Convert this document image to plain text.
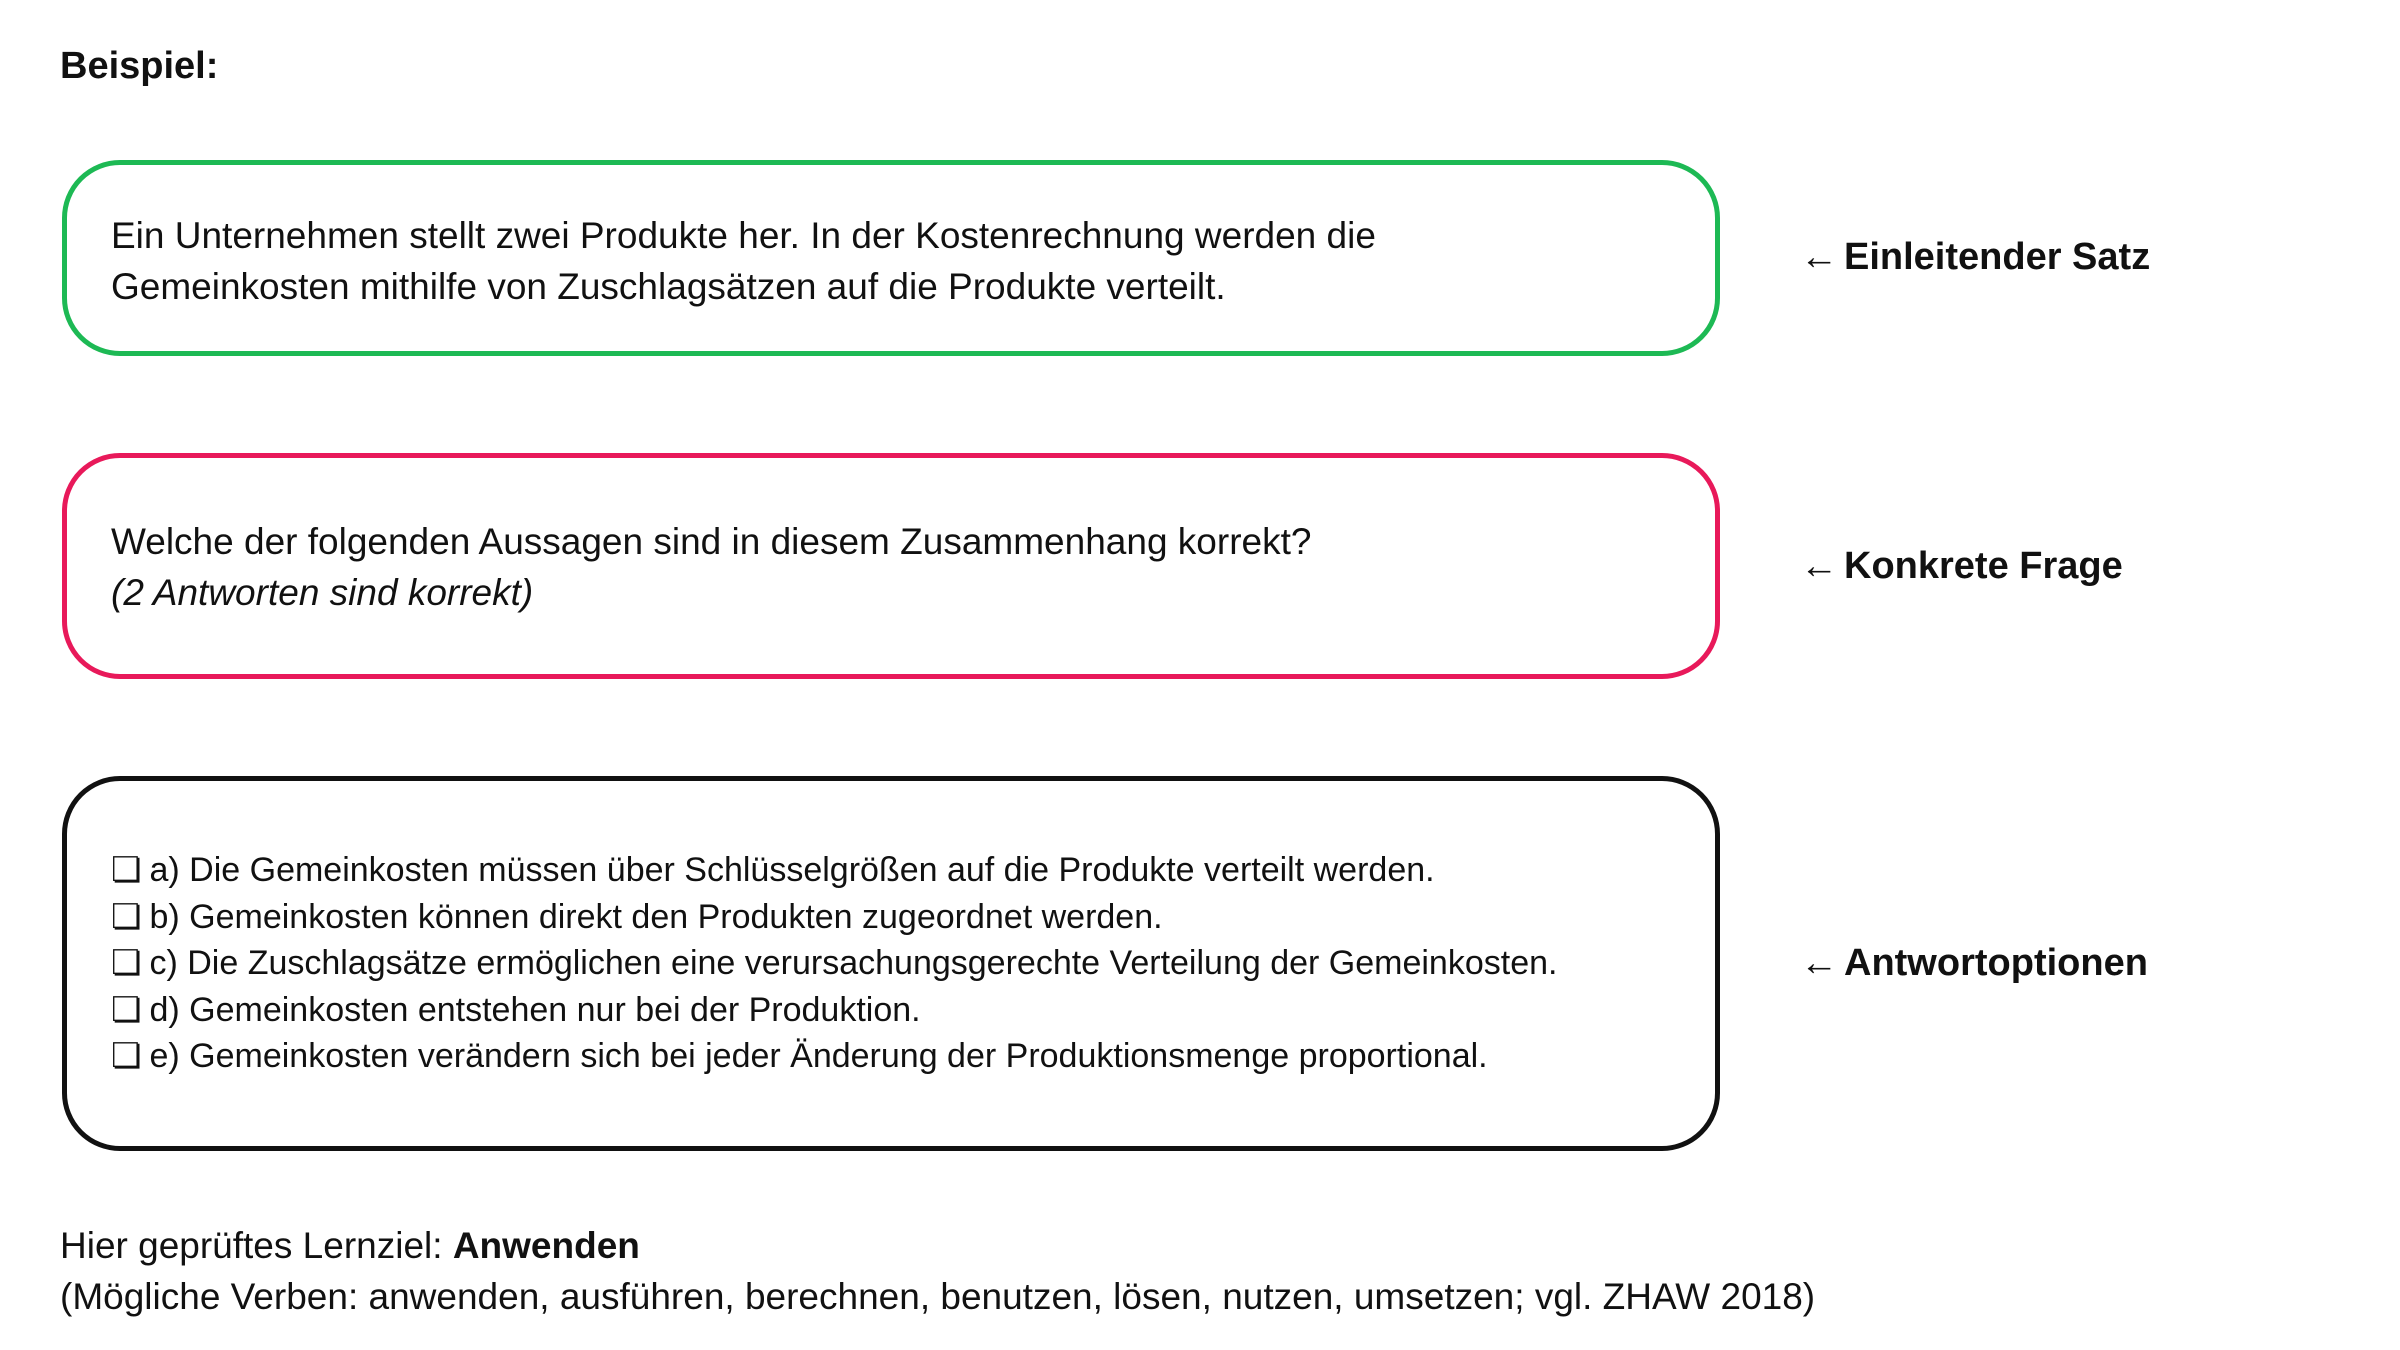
Beispiel:
Ein Unternehmen stellt zwei Produkte her. In der Kostenrechnung werden die
Gemeinkosten mithilfe von Zuschlagsätzen auf die Produkte verteilt.
Welche der folgenden Aussagen sind in diesem Zusammenhang korrekt?
(2 Antworten sind korrekt)
❏ a) Die Gemeinkosten müssen über Schlüsselgrößen auf die Produkte verteilt werden.
❏ b) Gemeinkosten können direkt den Produkten zugeordnet werden.
❏ c) Die Zuschlagsätze ermöglichen eine verursachungsgerechte Verteilung der Gemeinkosten.
❏ d) Gemeinkosten entstehen nur bei der Produktion.
❏ e) Gemeinkosten verändern sich bei jeder Änderung der Produktionsmenge proportional.
← Einleitender Satz
← Konkrete Frage
← Antwortoptionen
Hier geprüftes Lernziel: Anwenden
(Mögliche Verben: anwenden, ausführen, berechnen, benutzen, lösen, nutzen, umsetzen; vgl. ZHAW 2018)
